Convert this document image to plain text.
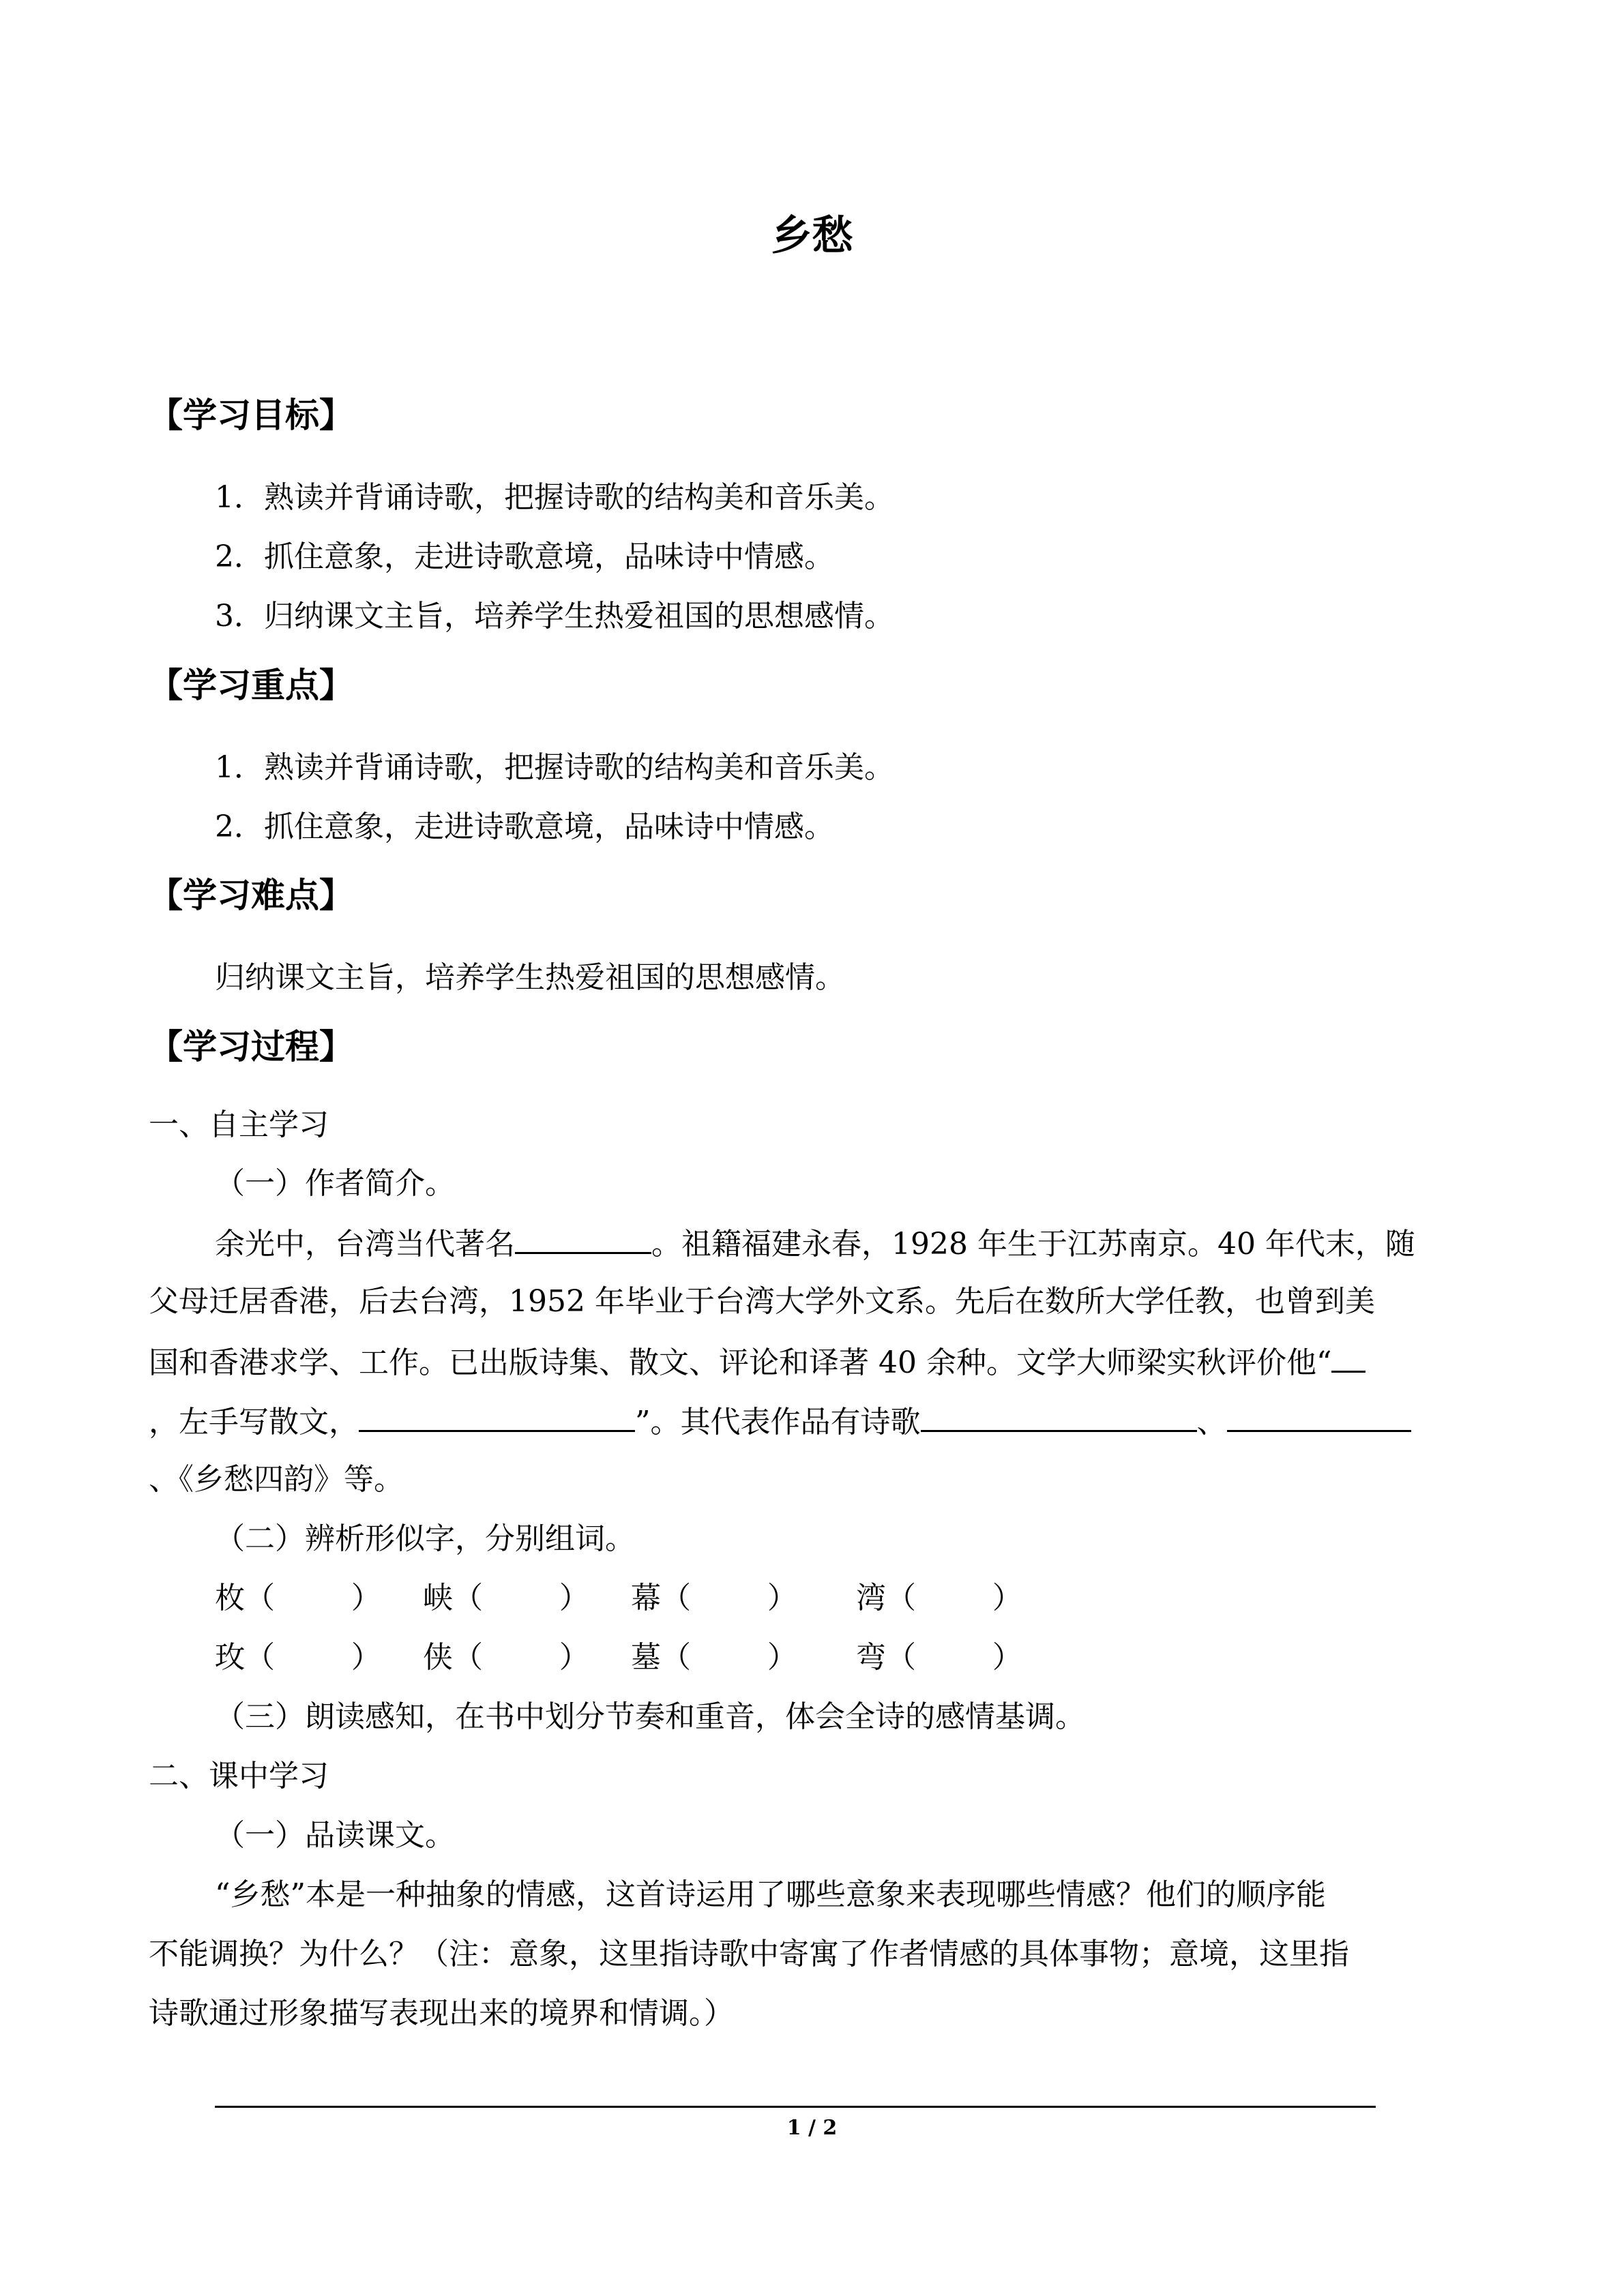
乡愁
【学习目标】
1．熟读并背诵诗歌，把握诗歌的结构美和音乐美。
2．抓住意象，走进诗歌意境，品味诗中情感。
3．归纳课文主旨，培养学生热爱祖国的思想感情。
【学习重点】
1．熟读并背诵诗歌，把握诗歌的结构美和音乐美。
2．抓住意象，走进诗歌意境，品味诗中情感。
【学习难点】
归纳课文主旨，培养学生热爱祖国的思想感情。
【学习过程】
一、自主学习
（一）作者简介。
余光中，台湾当代著名	。祖籍福建永春，1928 年生于江苏南京。40 年代末，随
父母迁居香港，后去台湾，1952 年毕业于台湾大学外文系。先后在数所大学任教，也曾到美
国和香港求学、工作。已出版诗集、散文、评论和译著 40 余种。文学大师梁实秋评价他“
，左手写散文，	”。其代表作品有诗歌	、
、《乡愁四韵》等。
（二）辨析形似字，分别组词。
枚（        ） 峡（        ） 幕（        ） 湾（        ）
玫（        ） 侠（        ） 墓（        ） 弯（        ）
（三）朗读感知，在书中划分节奏和重音，体会全诗的感情基调。
二、课中学习
（一）品读课文。
“乡愁”本是一种抽象的情感，这首诗运用了哪些意象来表现哪些情感？他们的顺序能
不能调换？为什么？（注：意象，这里指诗歌中寄寓了作者情感的具体事物；意境，这里指
诗歌通过形象描写表现出来的境界和情调。）
1 / 2
